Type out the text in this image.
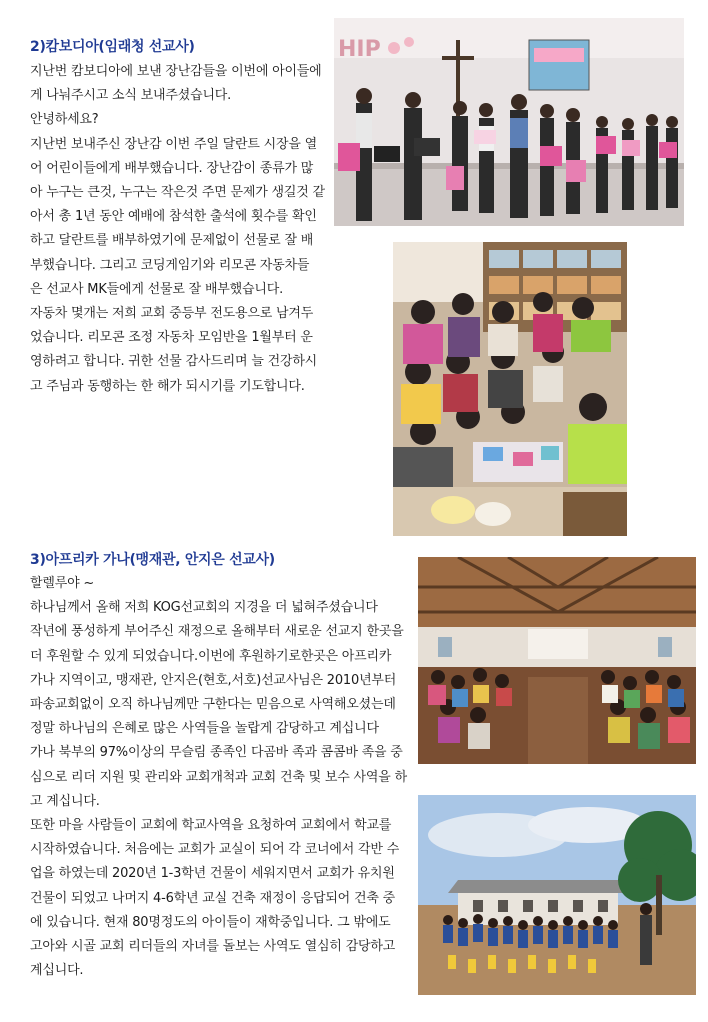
2)캄보디아(임래청 선교사)
지난번 캄보디아에 보낸 장난감들을 이번에 아이들에
게 나눠주시고 소식 보내주셨습니다.
안녕하세요?
지난번 보내주신 장난감 이번 주일 달란트 시장을 열
어 어린이들에게 배부했습니다. 장난감이 종류가 많
아 누구는 큰것, 누구는 작은것 주면 문제가 생길것 같
아서 총 1년 동안 예배에 참석한 출석에 횟수를 확인
하고 달란트를 배부하였기에 문제없이 선물로 잘 배
부했습니다. 그리고 코딩게임기와 리모콘 자동차들
은 선교사 MK들에게 선물로 잘 배부했습니다.
자동차 몇개는 저희 교회 중등부 전도용으로 남겨두
었습니다. 리모콘 조정 자동차 모임반을 1월부터 운
영하려고 합니다. 귀한 선물 감사드리며 늘 건강하시
고 주님과 동행하는 한 해가 되시기를 기도합니다.
HIP
3)아프리카 가나(맹재관, 안지은 선교사)
할렐루야 ~
하나님께서 올해 저희 KOG선교회의 지경을 더 넓혀주셨습니다
작년에 풍성하게 부어주신 재정으로 올해부터 새로운 선교지 한곳을
더 후원할 수 있게 되었습니다.이번에 후원하기로한곳은 아프리카
가나 지역이고, 맹재관, 안지은(현호,서호)선교사님은 2010년부터
파송교회없이 오직 하나님께만 구한다는 믿음으로 사역해오셨는데
정말 하나님의 은혜로 많은 사역들을 놀랍게 감당하고 계십니다
가나 북부의 97%이상의 무슬림 종족인 다곰바 족과 콤콤바 족을 중
심으로 리더 지원 및 관리와 교회개척과 교회 건축 및 보수 사역을 하
고 계십니다.
또한 마을 사람들이 교회에 학교사역을 요청하여 교회에서 학교를
시작하였습니다. 처음에는 교회가 교실이 되어 각 코너에서 각반 수
업을 하였는데 2020년 1-3학년 건물이 세워지면서 교회가 유치원
건물이 되었고 나머지 4-6학년 교실 건축 재정이 응답되어 건축 중
에 있습니다. 현재 80명정도의 아이들이 재학중입니다. 그 밖에도
고아와 시골 교회 리더들의 자녀를 돌보는 사역도 열심히 감당하고
계십니다.
